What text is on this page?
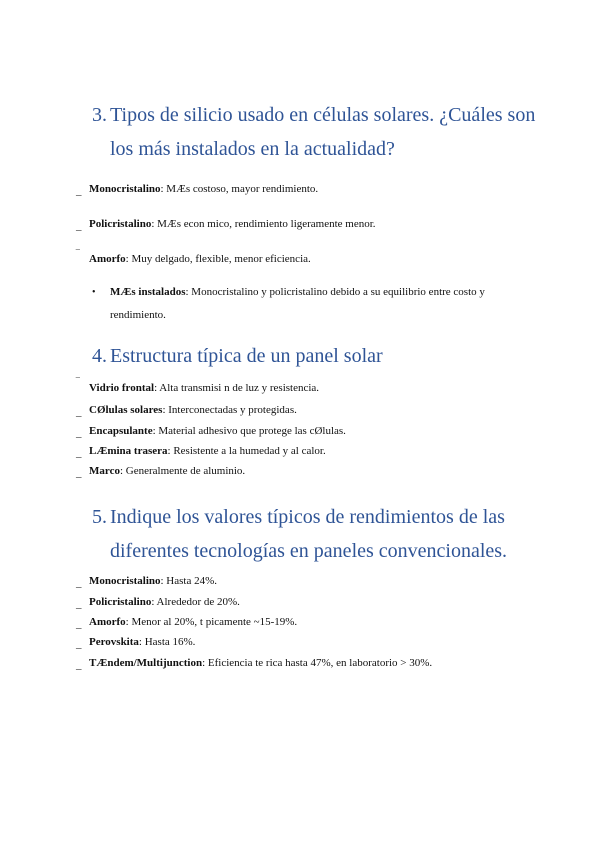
3. Tipos de silicio usado en células solares. ¿Cuáles son
los más instalados en la actualidad?
_ Monocristalino: MÆs costoso, mayor rendimiento.
_ Policristalino: MÆs econ mico, rendimiento ligeramente menor.
‾ Amorfo: Muy delgado, flexible, menor eficiencia.
• MÆs instalados: Monocristalino y policristalino debido a su equilibrio entre costo y rendimiento.
4. Estructura típica de un panel solar
‾ Vidrio frontal: Alta transmisi n de luz y resistencia.
_ CØlulas solares: Interconectadas y protegidas.
_ Encapsulante: Material adhesivo que protege las cØlulas.
_ LÆmina trasera: Resistente a la humedad y al calor.
_ Marco: Generalmente de aluminio.
5. Indique los valores típicos de rendimientos de las
diferentes tecnologías en paneles convencionales.
_ Monocristalino: Hasta 24%.
_ Policristalino: Alrededor de 20%.
_ Amorfo: Menor al 20%, t picamente ~15-19%.
_ Perovskita: Hasta 16%.
_ TÆndem/Multijunction: Eficiencia te rica hasta 47%, en laboratorio > 30%.
